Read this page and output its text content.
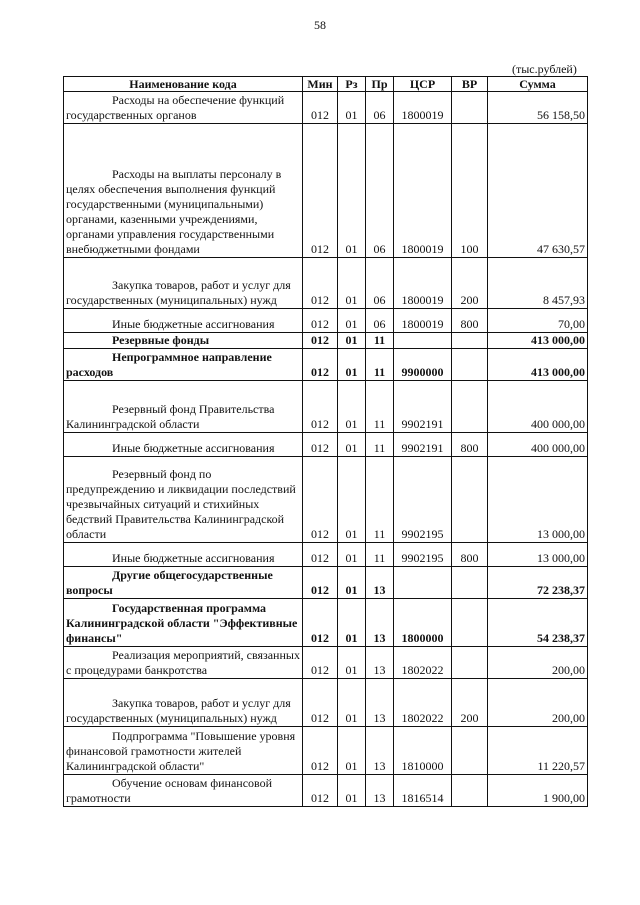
58
(тыс.рублей)
Наименование кода	Мин	Рз	Пр	ЦСР	ВР	Сумма
Расходы на обеспечение функций государственных органов	012	01	06	1800019		56 158,50
Расходы на выплаты персоналу в целях обеспечения выполнения функций государственными (муниципальными) органами, казенными учреждениями, органами управления государственными внебюджетными фондами	012	01	06	1800019	100	47 630,57
Закупка товаров, работ и услуг для государственных (муниципальных) нужд	012	01	06	1800019	200	8 457,93
Иные бюджетные ассигнования	012	01	06	1800019	800	70,00
Резервные фонды	012	01	11			413 000,00
Непрограммное направление расходов	012	01	11	9900000		413 000,00
Резервный фонд Правительства Калининградской области	012	01	11	9902191		400 000,00
Иные бюджетные ассигнования	012	01	11	9902191	800	400 000,00
Резервный фонд по предупреждению и ликвидации последствий чрезвычайных ситуаций и стихийных бедствий Правительства Калининградской области	012	01	11	9902195		13 000,00
Иные бюджетные ассигнования	012	01	11	9902195	800	13 000,00
Другие общегосударственные вопросы	012	01	13			72 238,37
Государственная программа Калининградской области "Эффективные финансы"	012	01	13	1800000		54 238,37
Реализация мероприятий, связанных с процедурами банкротства	012	01	13	1802022		200,00
Закупка товаров, работ и услуг для государственных (муниципальных) нужд	012	01	13	1802022	200	200,00
Подпрограмма "Повышение уровня финансовой грамотности жителей Калининградской области"	012	01	13	1810000		11 220,57
Обучение основам финансовой грамотности	012	01	13	1816514		1 900,00
